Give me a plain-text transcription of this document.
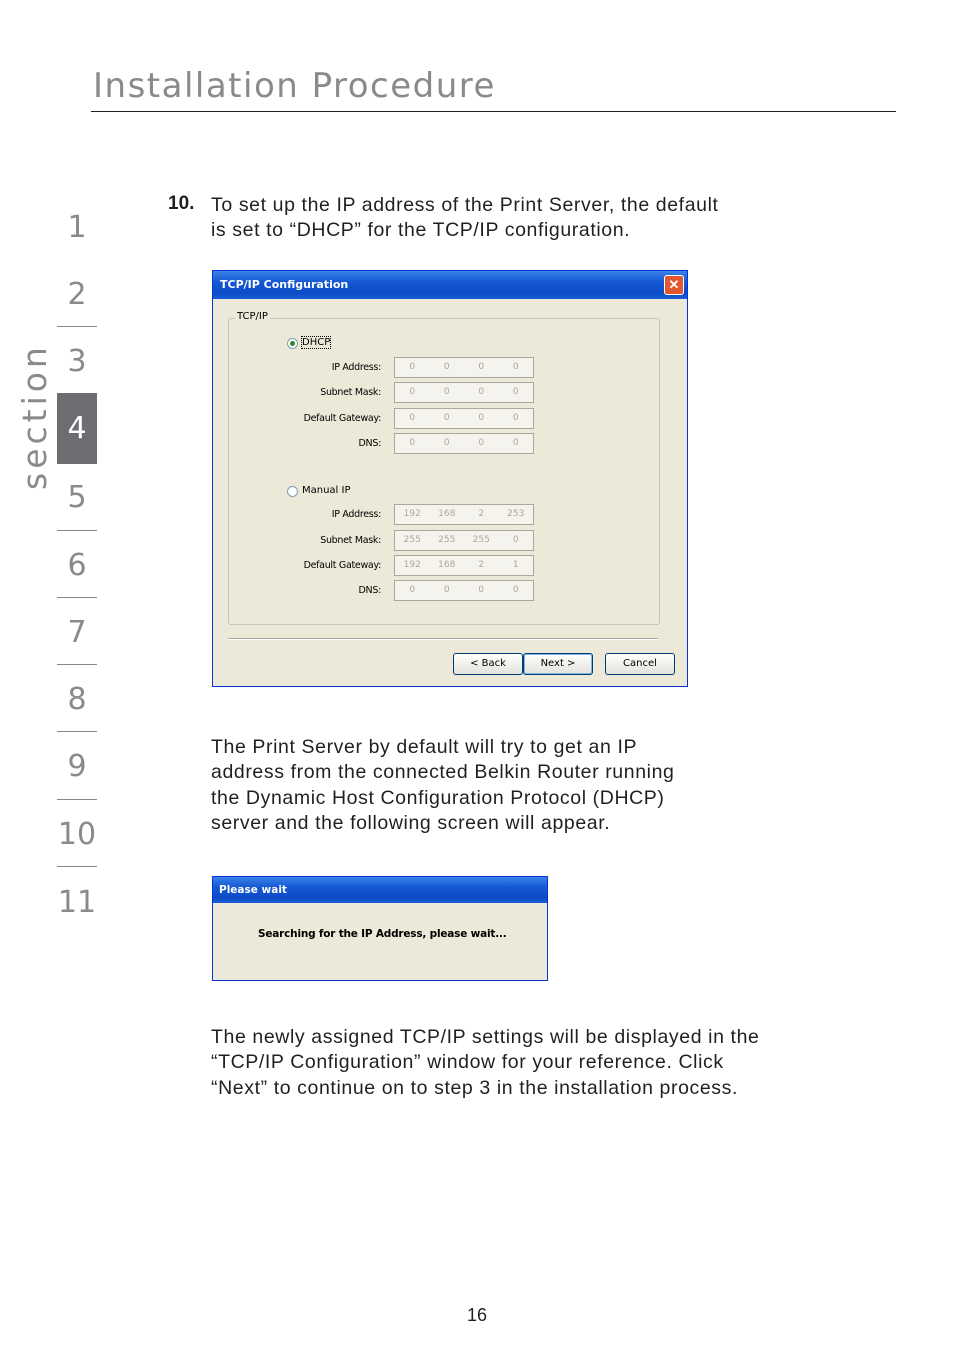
Installation Procedure
section
1
2
3
4
5
6
7
8
9
10
11
10. To set up the IP address of the Print Server, the default
is set to “DHCP” for the TCP/IP configuration.
TCP/IP Configuration	✕
TCP/IP
DHCP
IP Address:	0	0	0	0
Subnet Mask:	0	0	0	0
Default Gateway:	0	0	0	0
DNS:	0	0	0	0
Manual IP
IP Address:	192	168	2	253
Subnet Mask:	255	255	255	0
Default Gateway:	192	168	2	1
DNS:	0	0	0	0
< Back	Next >	Cancel
The Print Server by default will try to get an IP
address from the connected Belkin Router running
the Dynamic Host Configuration Protocol (DHCP)
server and the following screen will appear.
Please wait
Searching for the IP Address, please wait...
The newly assigned TCP/IP settings will be displayed in the
“TCP/IP Configuration” window for your reference. Click
“Next” to continue on to step 3 in the installation process.
16
